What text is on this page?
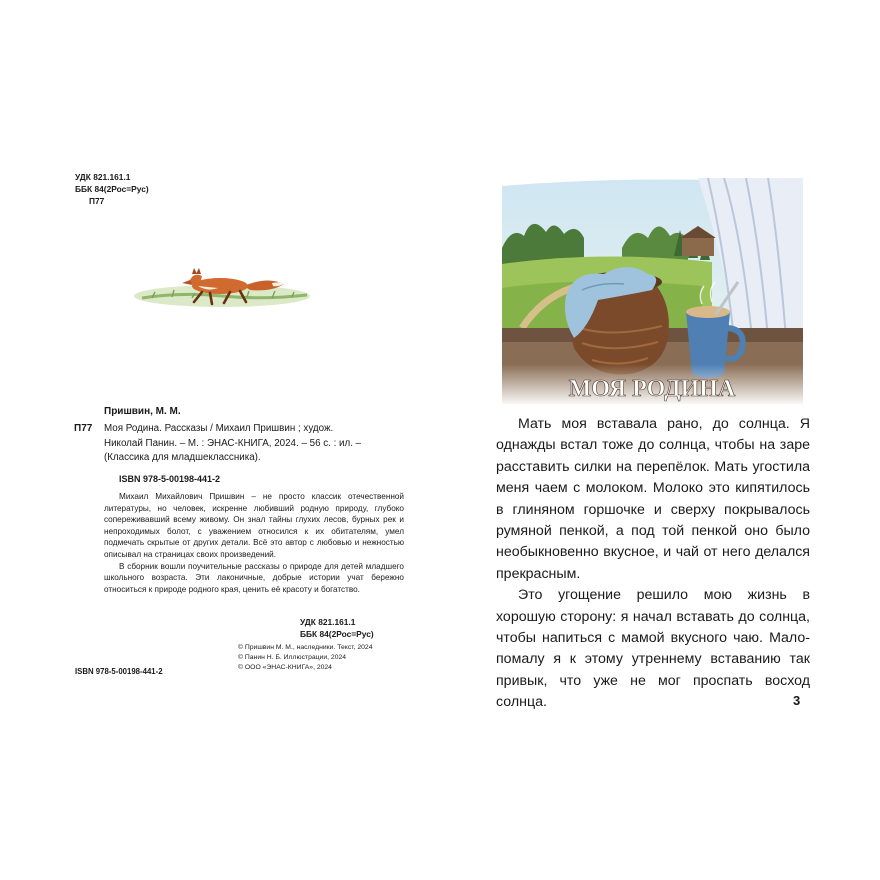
УДК 821.161.1
ББК 84(2Рос=Рус)
П77
Пришвин, М. М.
П77 Моя Родина. Рассказы / Михаил Пришвин ; худож.
Николай Панин. – М. : ЭНАС-КНИГА, 2024. – 56 с. : ил. –
(Классика для младшеклассника).
ISBN 978-5-00198-441-2

Михаил Михайлович Пришвин – не просто классик отечественной литературы, но человек, искренне любивший родную природу, глубоко сопереживавший всему живому. Он знал тайны глухих лесов, бурных рек и непроходимых болот, с уважением относился к их обитателям, умел подмечать скрытые от других детали. Всё это автор с любовью и нежностью описывал на страницах своих произведений.

В сборник вошли поучительные рассказы о природе для детей младшего школьного возраста. Эти лаконичные, добрые истории учат бережно относиться к природе родного края, ценить её красоту и богатство.

УДК 821.161.1
ББК 84(2Рос=Рус)
ISBN 978-5-00198-441-2
© Пришвин М. М., наследники. Текст, 2024
© Панин Н. Б. Иллюстрации, 2024
© ООО «ЭНАС-КНИГА», 2024
МОЯ РОДИНА

Мать моя вставала рано, до солнца. Я однажды встал тоже до солнца, чтобы на заре расставить силки на перепёлок. Мать угостила меня чаем с молоком. Молоко это кипятилось в глиняном горшочке и сверху покрывалось румяной пенкой, а под той пенкой оно было необыкновенно вкусное, и чай от него делался прекрасным.

Это угощение решило мою жизнь в хорошую сторону: я начал вставать до солнца, чтобы напиться с мамой вкусного чаю. Мало-помалу я к этому утреннему вставанию так привык, что уже не мог проспать восход солнца.	3
